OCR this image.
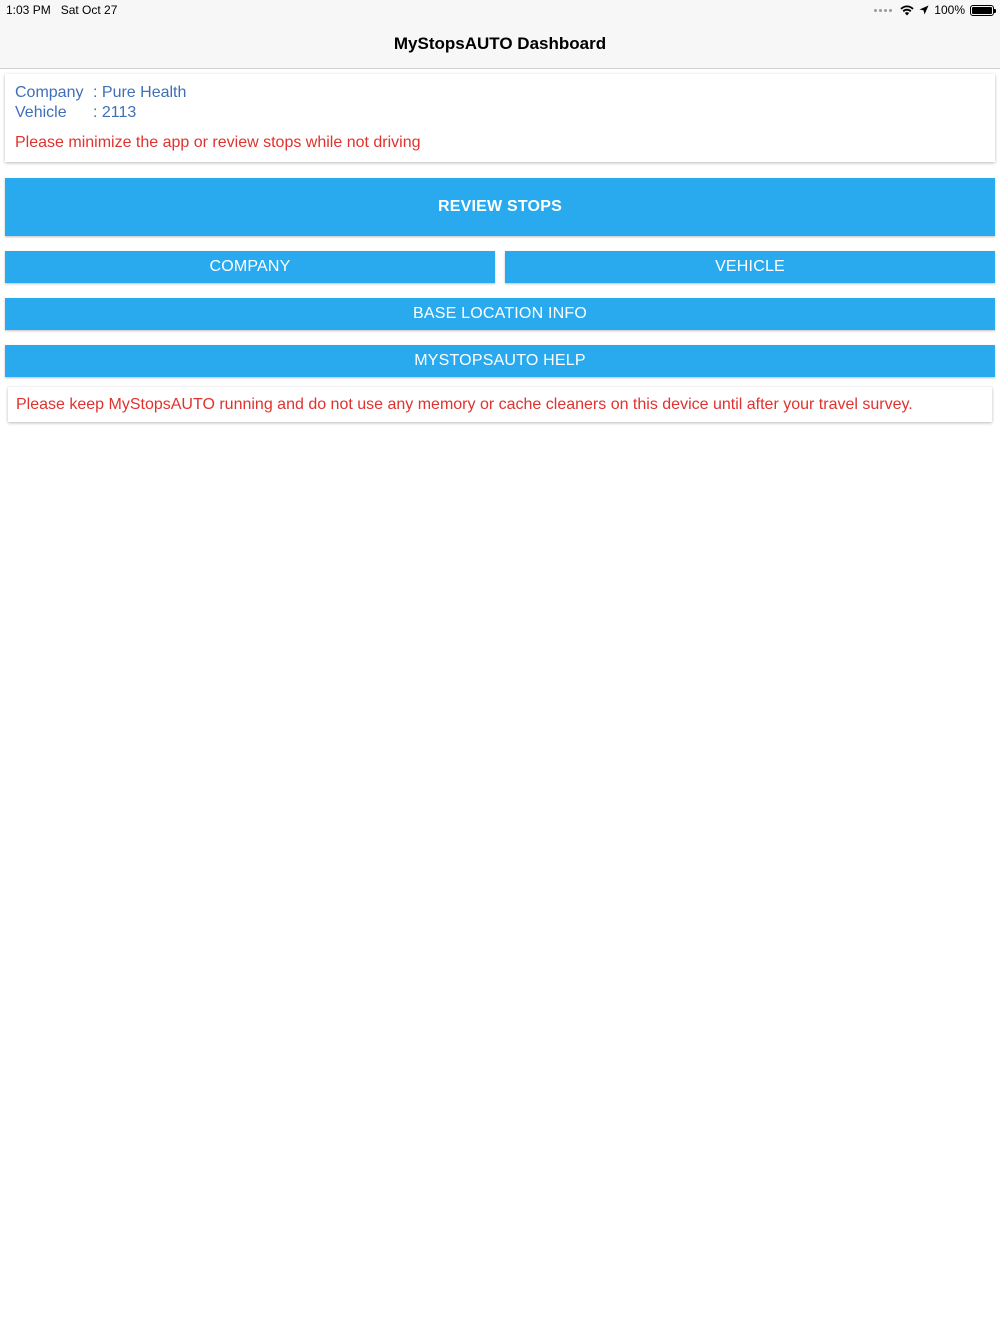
1:03 PM Sat Oct 27	100%
MyStopsAUTO Dashboard
Company : Pure Health
Vehicle	: 2113
Please minimize the app or review stops while not driving
REVIEW STOPS
COMPANY	VEHICLE
BASE LOCATION INFO
MYSTOPSAUTO HELP
Please keep MyStopsAUTO running and do not use any memory or cache cleaners on this device until after your travel survey.
